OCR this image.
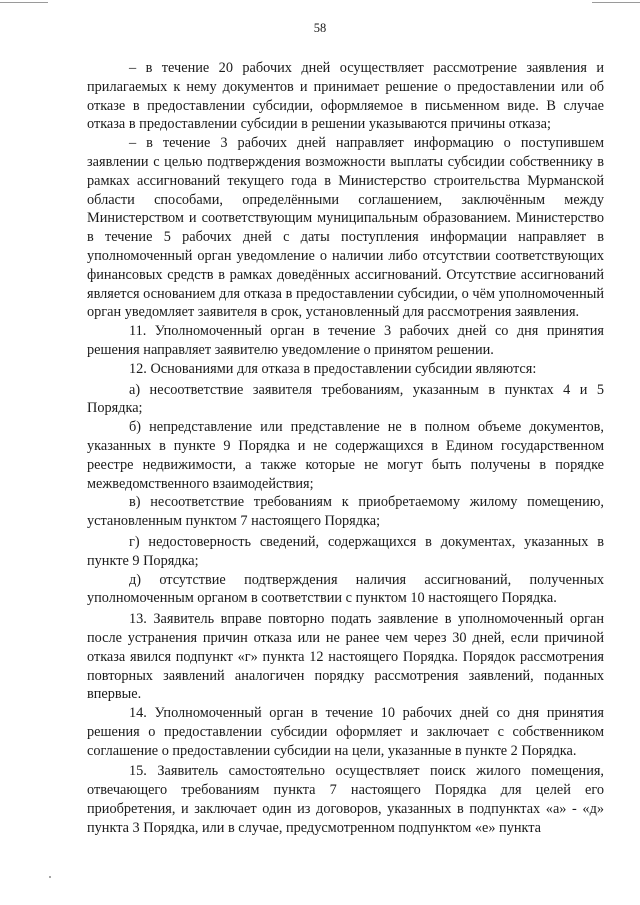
58

– в течение 20 рабочих дней осуществляет рассмотрение заявления и прилагаемых к нему документов и принимает решение о предоставлении или об отказе в предоставлении субсидии, оформляемое в письменном виде. В случае отказа в предоставлении субсидии в решении указываются причины отказа;

– в течение 3 рабочих дней направляет информацию о поступившем заявлении с целью подтверждения возможности выплаты субсидии собственнику в рамках ассигнований текущего года в Министерство строительства Мурманской области способами, определёнными соглашением, заключённым между Министерством и соответствующим муниципальным образованием. Министерство в течение 5 рабочих дней с даты поступления информации направляет в уполномоченный орган уведомление о наличии либо отсутствии соответствующих финансовых средств в рамках доведённых ассигнований. Отсутствие ассигнований является основанием для отказа в предоставлении субсидии, о чём уполномоченный орган уведомляет заявителя в срок, установленный для рассмотрения заявления.

11. Уполномоченный орган в течение 3 рабочих дней со дня принятия решения направляет заявителю уведомление о принятом решении.

12. Основаниями для отказа в предоставлении субсидии являются:

а) несоответствие заявителя требованиям, указанным в пунктах 4 и 5 Порядка;

б) непредставление или представление не в полном объеме документов, указанных в пункте 9 Порядка и не содержащихся в Едином государственном реестре недвижимости, а также которые не могут быть получены в порядке межведомственного взаимодействия;

в) несоответствие требованиям к приобретаемому жилому помещению, установленным пунктом 7 настоящего Порядка;

г) недостоверность сведений, содержащихся в документах, указанных в пункте 9 Порядка;

д) отсутствие подтверждения наличия ассигнований, полученных уполномоченным органом в соответствии с пунктом 10 настоящего Порядка.

13. Заявитель вправе повторно подать заявление в уполномоченный орган после устранения причин отказа или не ранее чем через 30 дней, если причиной отказа явился подпункт «г» пункта 12 настоящего Порядка. Порядок рассмотрения повторных заявлений аналогичен порядку рассмотрения заявлений, поданных впервые.

14. Уполномоченный орган в течение 10 рабочих дней со дня принятия решения о предоставлении субсидии оформляет и заключает с собственником соглашение о предоставлении субсидии на цели, указанные в пункте 2 Порядка.

15. Заявитель самостоятельно осуществляет поиск жилого помещения, отвечающего требованиям пункта 7 настоящего Порядка для целей его приобретения, и заключает один из договоров, указанных в подпунктах «а» - «д» пункта 3 Порядка, или в случае, предусмотренном подпунктом «е» пункта
